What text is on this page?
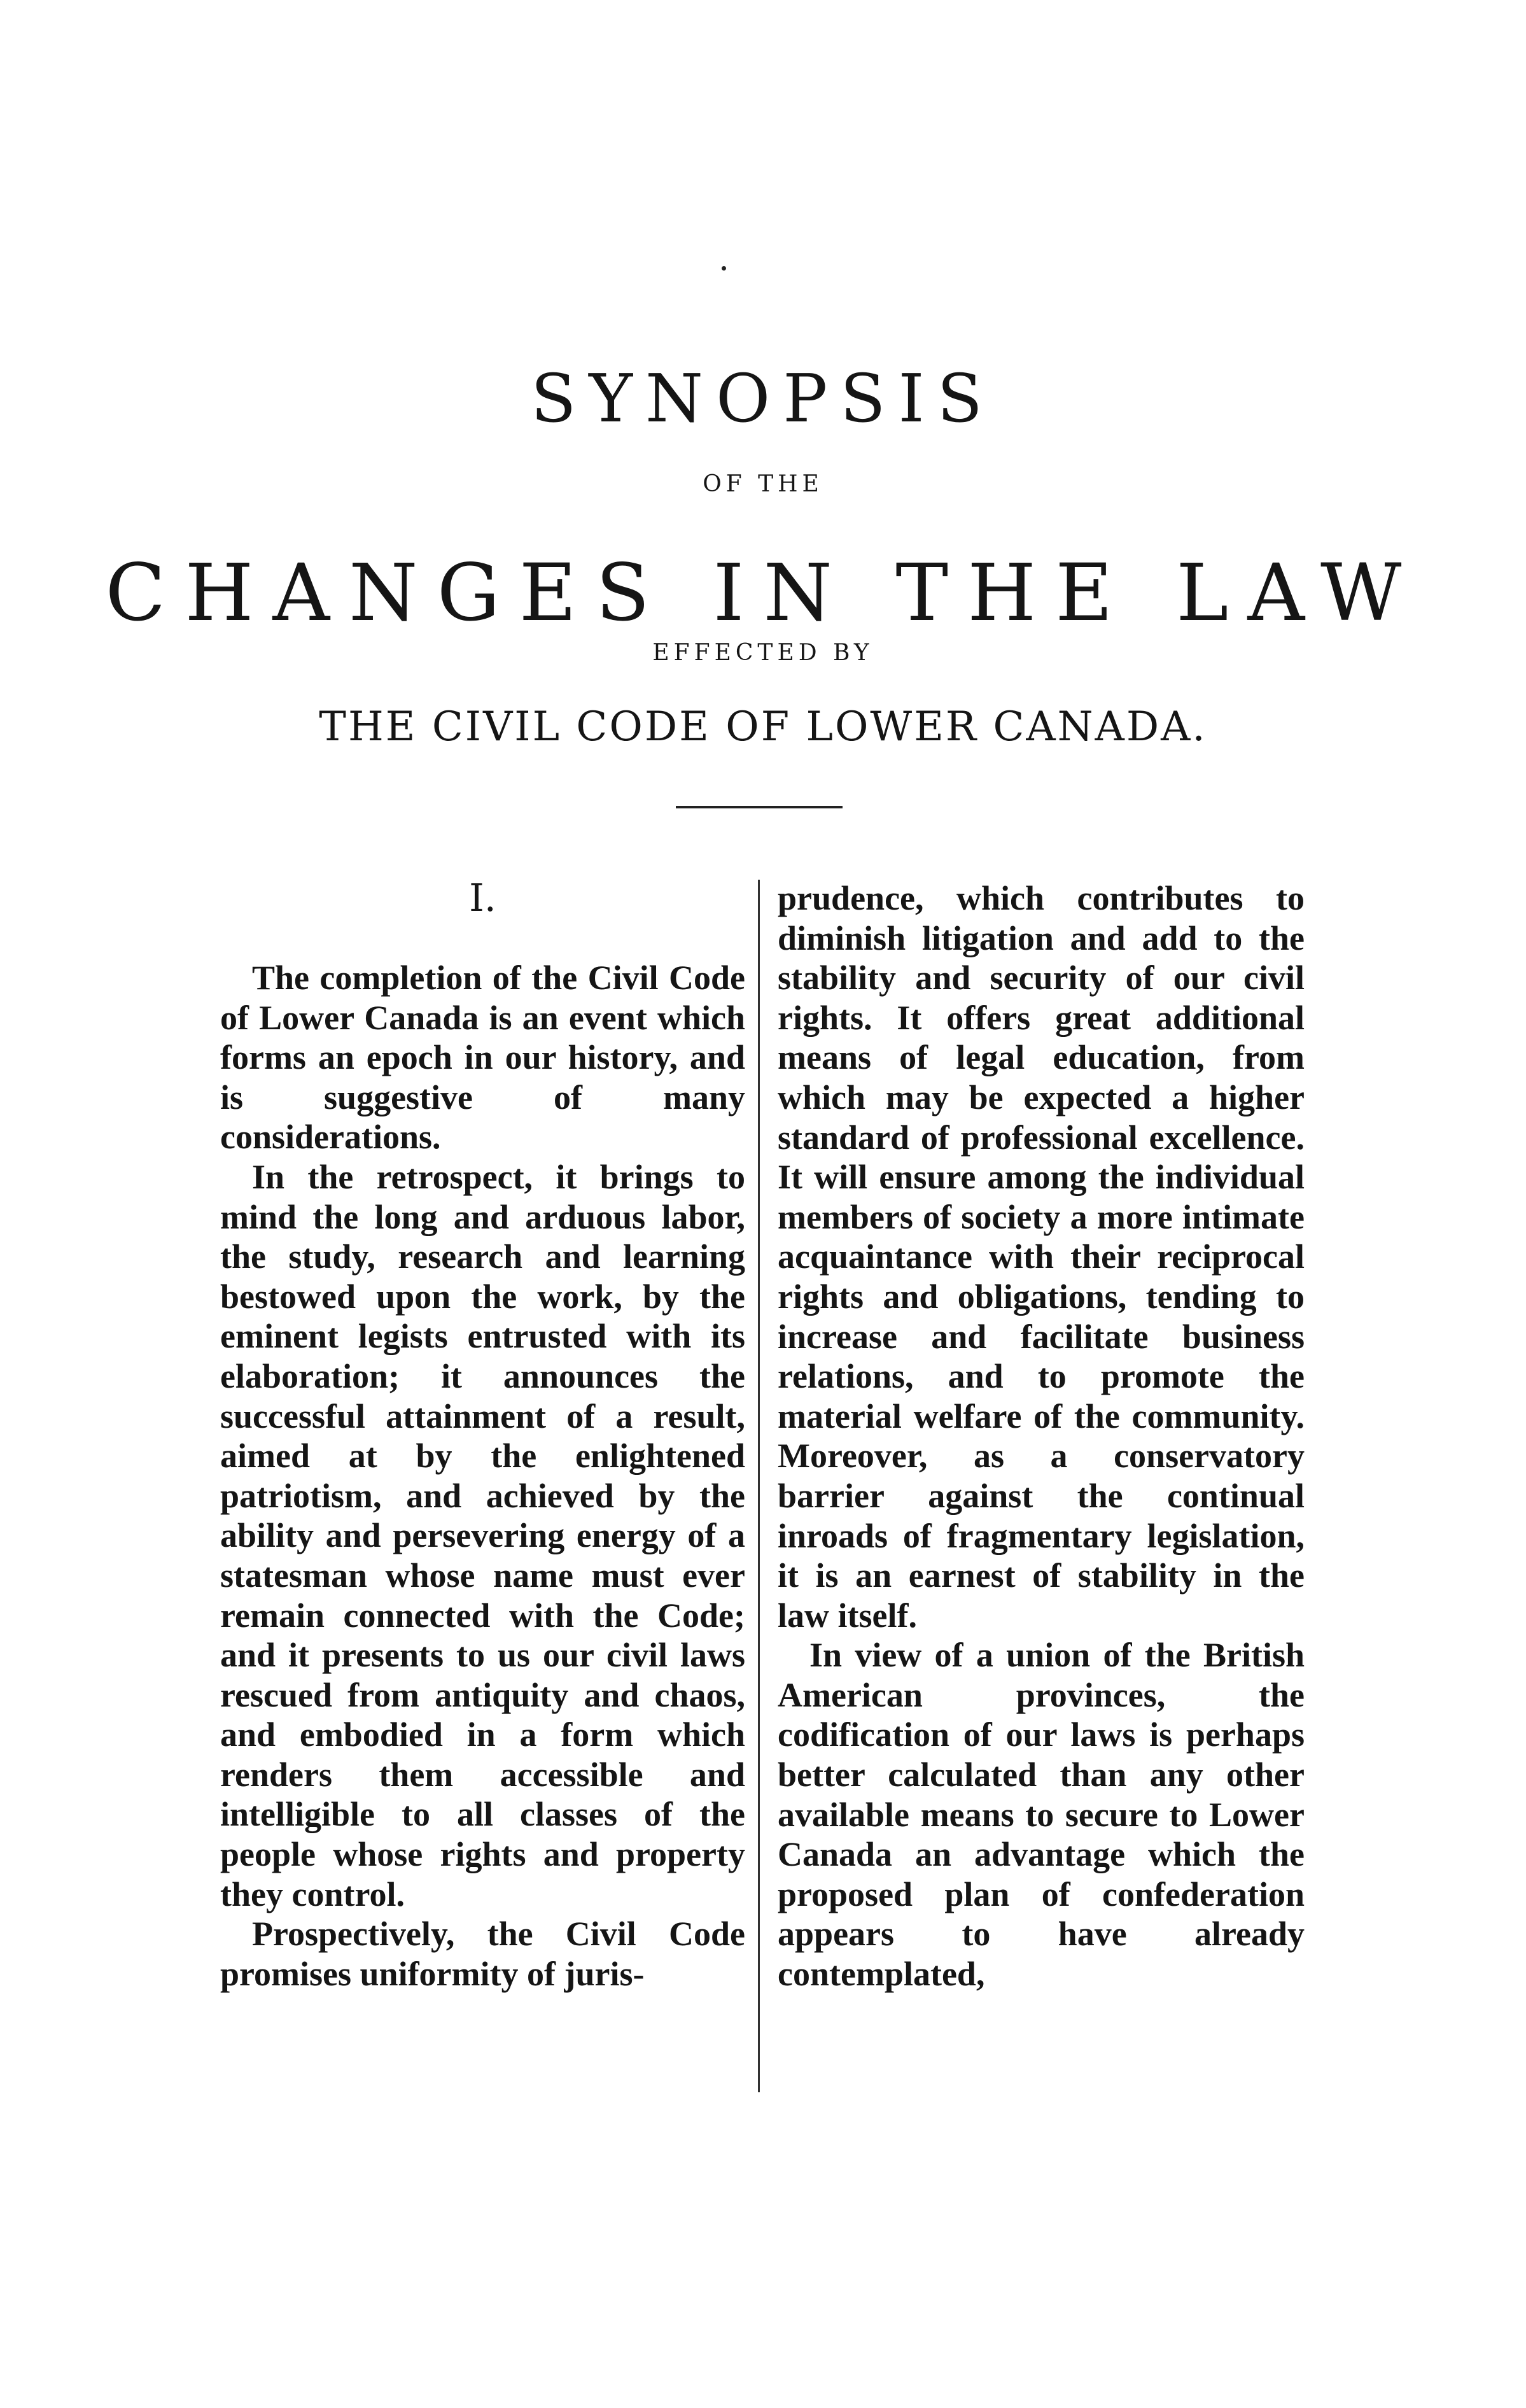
SYNOPSIS
OF THE
CHANGES IN THE LAW
EFFECTED BY
THE CIVIL CODE OF LOWER CANADA.
I.

The completion of the Civil Code of Lower Canada is an event which forms an epoch in our history, and is suggestive of many considerations.

In the retrospect, it brings to mind the long and arduous labor, the study, research and learning bestowed upon the work, by the eminent legists entrusted with its elaboration; it announces the successful attainment of a result, aimed at by the enlightened patriotism, and achieved by the ability and persevering energy of a statesman whose name must ever remain connected with the Code; and it presents to us our civil laws rescued from antiquity and chaos, and embodied in a form which renders them accessible and intelligible to all classes of the people whose rights and property they control.

Prospectively, the Civil Code promises uniformity of juris-

prudence, which contributes to diminish litigation and add to the stability and security of our civil rights. It offers great additional means of legal education, from which may be expected a higher standard of professional excellence. It will ensure among the individual members of society a more intimate acquaintance with their reciprocal rights and obligations, tending to increase and facilitate business relations, and to promote the material welfare of the community. Moreover, as a conservatory barrier against the continual inroads of fragmentary legislation, it is an earnest of stability in the law itself.

In view of a union of the British American provinces, the codification of our laws is perhaps better calculated than any other available means to secure to Lower Canada an advantage which the proposed plan of confederation appears to have already contemplated,
